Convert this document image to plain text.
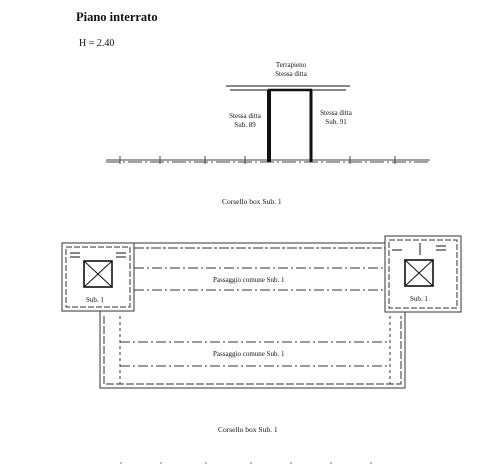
Piano interrato
H = 2.40
Terrapieno
Stessa ditta
Stessa ditta
Sub. 89
Stessa ditta
Sub. 91
Corsello box Sub. 1
Sub. 1	Sub. 1
Passaggio comune Sub. 1
Passaggio comune Sub. 1
Corsello box Sub. 1
